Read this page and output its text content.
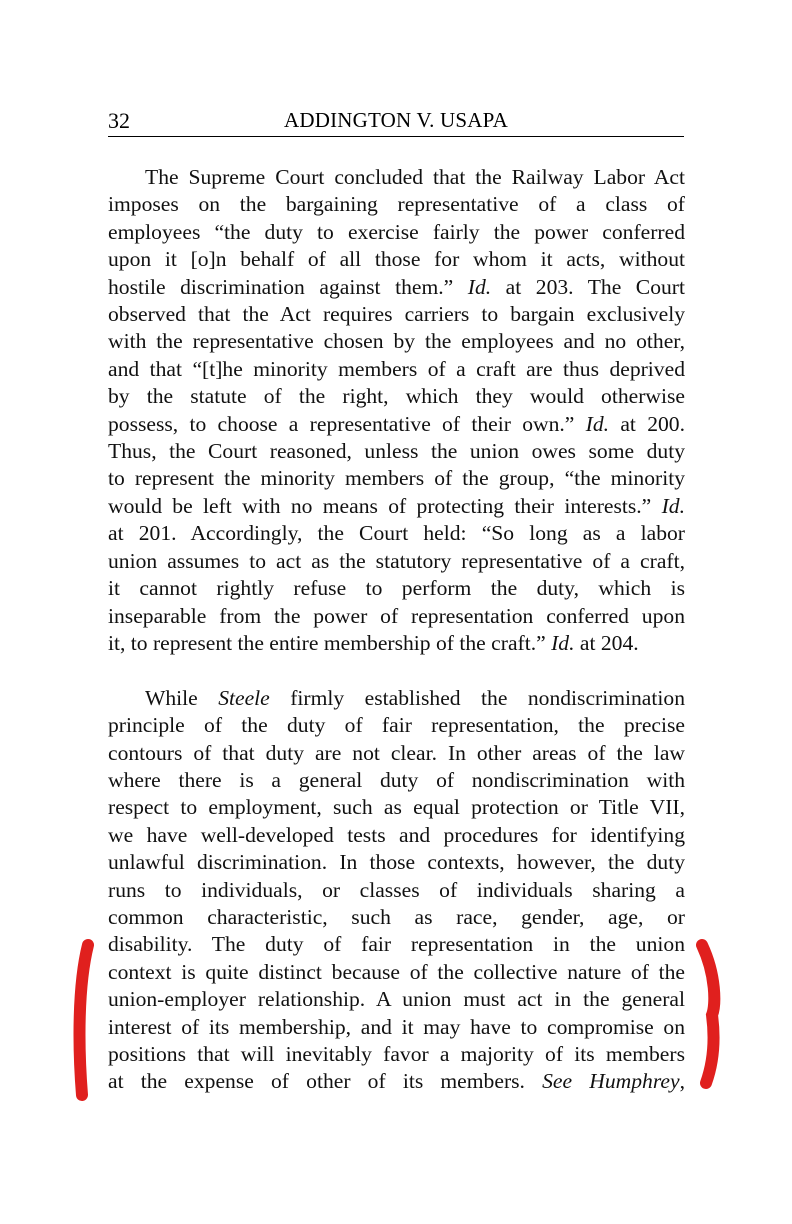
32	ADDINGTON V. USAPA

The Supreme Court concluded that the Railway Labor Act
imposes on the bargaining representative of a class of
employees “the duty to exercise fairly the power conferred
upon it [o]n behalf of all those for whom it acts, without
hostile discrimination against them.” Id. at 203. The Court
observed that the Act requires carriers to bargain exclusively
with the representative chosen by the employees and no other,
and that “[t]he minority members of a craft are thus deprived
by the statute of the right, which they would otherwise
possess, to choose a representative of their own.” Id. at 200.
Thus, the Court reasoned, unless the union owes some duty
to represent the minority members of the group, “the minority
would be left with no means of protecting their interests.” Id.
at 201. Accordingly, the Court held: “So long as a labor
union assumes to act as the statutory representative of a craft,
it cannot rightly refuse to perform the duty, which is
inseparable from the power of representation conferred upon
it, to represent the entire membership of the craft.” Id. at 204.

While Steele firmly established the nondiscrimination
principle of the duty of fair representation, the precise
contours of that duty are not clear. In other areas of the law
where there is a general duty of nondiscrimination with
respect to employment, such as equal protection or Title VII,
we have well-developed tests and procedures for identifying
unlawful discrimination. In those contexts, however, the duty
runs to individuals, or classes of individuals sharing a
common characteristic, such as race, gender, age, or
disability. The duty of fair representation in the union
context is quite distinct because of the collective nature of the
union-employer relationship. A union must act in the general
interest of its membership, and it may have to compromise on
positions that will inevitably favor a majority of its members
at the expense of other of its members. See Humphrey,
